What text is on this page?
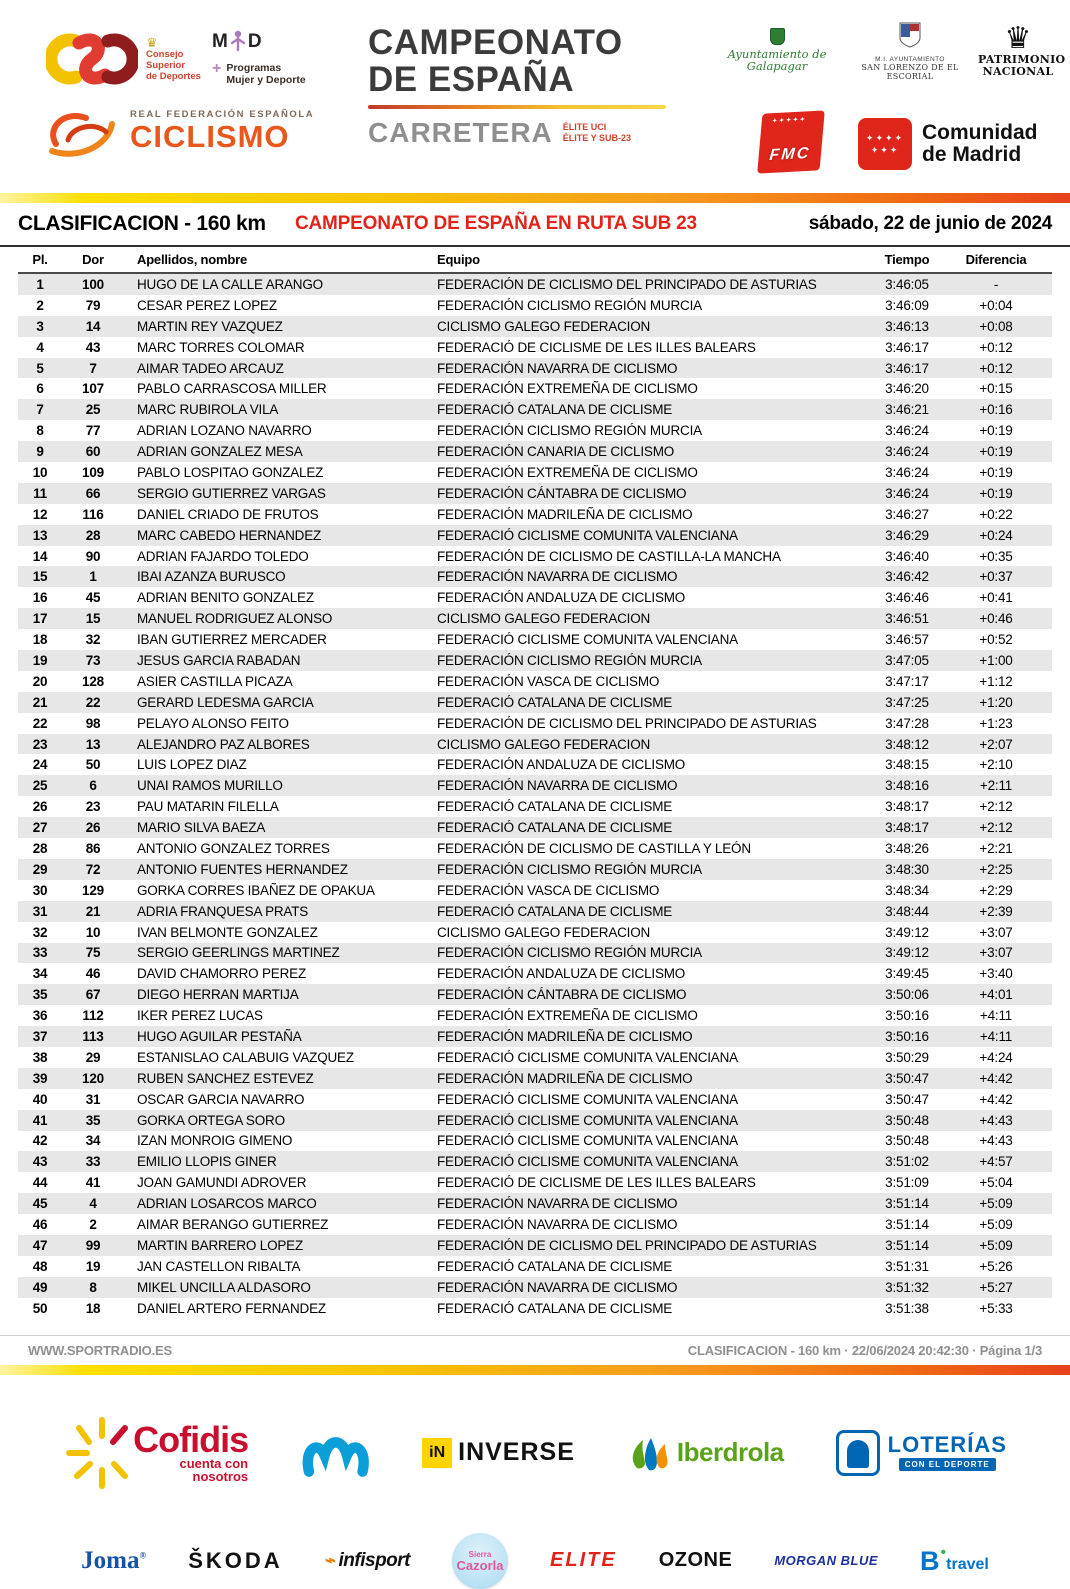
♛
Consejo
Superior
de Deportes
M D
+ Programas
Mujer y Deporte
REAL FEDERACIÓN ESPAÑOLA
CICLISMO
CAMPEONATO
DE ESPAÑA
CARRETERA ÉLITE UCI
ÉLITE Y SUB-23
Ayuntamiento de Galapagar	M.I. AYUNTAMIENTO
SAN LORENZO DE EL ESCORIAL
♛
PATRIMONIO
NACIONAL
✦✦✦✦✦
FMC
✦✦✦✦
✦✦✦
Comunidad
de Madrid
CLASIFICACION - 160 km CAMPEONATO DE ESPAÑA EN RUTA SUB 23	sábado, 22 de junio de 2024
Pl.	Dor	Apellidos, nombre	Equipo	Tiempo	Diferencia
1	100	HUGO DE LA CALLE ARANGO	FEDERACIÓN DE CICLISMO DEL PRINCIPADO DE ASTURIAS	3:46:05	-
2	79	CESAR PEREZ LOPEZ	FEDERACIÓN CICLISMO REGIÓN MURCIA	3:46:09	+0:04
3	14	MARTIN REY VAZQUEZ	CICLISMO GALEGO FEDERACION	3:46:13	+0:08
4	43	MARC TORRES COLOMAR	FEDERACIÓ DE CICLISME DE LES ILLES BALEARS	3:46:17	+0:12
5	7	AIMAR TADEO ARCAUZ	FEDERACIÓN NAVARRA DE CICLISMO	3:46:17	+0:12
6	107	PABLO CARRASCOSA MILLER	FEDERACIÓN EXTREMEÑA DE CICLISMO	3:46:20	+0:15
7	25	MARC RUBIROLA VILA	FEDERACIÓ CATALANA DE CICLISME	3:46:21	+0:16
8	77	ADRIAN LOZANO NAVARRO	FEDERACIÓN CICLISMO REGIÓN MURCIA	3:46:24	+0:19
9	60	ADRIAN GONZALEZ MESA	FEDERACIÓN CANARIA DE CICLISMO	3:46:24	+0:19
10	109	PABLO LOSPITAO GONZALEZ	FEDERACIÓN EXTREMEÑA DE CICLISMO	3:46:24	+0:19
11	66	SERGIO GUTIERREZ VARGAS	FEDERACIÓN CÁNTABRA DE CICLISMO	3:46:24	+0:19
12	116	DANIEL CRIADO DE FRUTOS	FEDERACIÓN MADRILEÑA DE CICLISMO	3:46:27	+0:22
13	28	MARC CABEDO HERNANDEZ	FEDERACIÓ CICLISME COMUNITA VALENCIANA	3:46:29	+0:24
14	90	ADRIAN FAJARDO TOLEDO	FEDERACIÓN DE CICLISMO DE CASTILLA-LA MANCHA	3:46:40	+0:35
15	1	IBAI AZANZA BURUSCO	FEDERACIÓN NAVARRA DE CICLISMO	3:46:42	+0:37
16	45	ADRIAN BENITO GONZALEZ	FEDERACIÓN ANDALUZA DE CICLISMO	3:46:46	+0:41
17	15	MANUEL RODRIGUEZ ALONSO	CICLISMO GALEGO FEDERACION	3:46:51	+0:46
18	32	IBAN GUTIERREZ MERCADER	FEDERACIÓ CICLISME COMUNITA VALENCIANA	3:46:57	+0:52
19	73	JESUS GARCIA RABADAN	FEDERACIÓN CICLISMO REGIÓN MURCIA	3:47:05	+1:00
20	128	ASIER CASTILLA PICAZA	FEDERACIÓN VASCA DE CICLISMO	3:47:17	+1:12
21	22	GERARD LEDESMA GARCIA	FEDERACIÓ CATALANA DE CICLISME	3:47:25	+1:20
22	98	PELAYO ALONSO FEITO	FEDERACIÓN DE CICLISMO DEL PRINCIPADO DE ASTURIAS	3:47:28	+1:23
23	13	ALEJANDRO PAZ ALBORES	CICLISMO GALEGO FEDERACION	3:48:12	+2:07
24	50	LUIS LOPEZ DIAZ	FEDERACIÓN ANDALUZA DE CICLISMO	3:48:15	+2:10
25	6	UNAI RAMOS MURILLO	FEDERACIÓN NAVARRA DE CICLISMO	3:48:16	+2:11
26	23	PAU MATARIN FILELLA	FEDERACIÓ CATALANA DE CICLISME	3:48:17	+2:12
27	26	MARIO SILVA BAEZA	FEDERACIÓ CATALANA DE CICLISME	3:48:17	+2:12
28	86	ANTONIO GONZALEZ TORRES	FEDERACIÓN DE CICLISMO DE CASTILLA Y LEÓN	3:48:26	+2:21
29	72	ANTONIO FUENTES HERNANDEZ	FEDERACIÓN CICLISMO REGIÓN MURCIA	3:48:30	+2:25
30	129	GORKA CORRES IBAÑEZ DE OPAKUA	FEDERACIÓN VASCA DE CICLISMO	3:48:34	+2:29
31	21	ADRIA FRANQUESA PRATS	FEDERACIÓ CATALANA DE CICLISME	3:48:44	+2:39
32	10	IVAN BELMONTE GONZALEZ	CICLISMO GALEGO FEDERACION	3:49:12	+3:07
33	75	SERGIO GEERLINGS MARTINEZ	FEDERACIÓN CICLISMO REGIÓN MURCIA	3:49:12	+3:07
34	46	DAVID CHAMORRO PEREZ	FEDERACIÓN ANDALUZA DE CICLISMO	3:49:45	+3:40
35	67	DIEGO HERRAN MARTIJA	FEDERACIÓN CÁNTABRA DE CICLISMO	3:50:06	+4:01
36	112	IKER PEREZ LUCAS	FEDERACIÓN EXTREMEÑA DE CICLISMO	3:50:16	+4:11
37	113	HUGO AGUILAR PESTAÑA	FEDERACIÓN MADRILEÑA DE CICLISMO	3:50:16	+4:11
38	29	ESTANISLAO CALABUIG VAZQUEZ	FEDERACIÓ CICLISME COMUNITA VALENCIANA	3:50:29	+4:24
39	120	RUBEN SANCHEZ ESTEVEZ	FEDERACIÓN MADRILEÑA DE CICLISMO	3:50:47	+4:42
40	31	OSCAR GARCIA NAVARRO	FEDERACIÓ CICLISME COMUNITA VALENCIANA	3:50:47	+4:42
41	35	GORKA ORTEGA SORO	FEDERACIÓ CICLISME COMUNITA VALENCIANA	3:50:48	+4:43
42	34	IZAN MONROIG GIMENO	FEDERACIÓ CICLISME COMUNITA VALENCIANA	3:50:48	+4:43
43	33	EMILIO LLOPIS GINER	FEDERACIÓ CICLISME COMUNITA VALENCIANA	3:51:02	+4:57
44	41	JOAN GAMUNDI ADROVER	FEDERACIÓ DE CICLISME DE LES ILLES BALEARS	3:51:09	+5:04
45	4	ADRIAN LOSARCOS MARCO	FEDERACIÓN NAVARRA DE CICLISMO	3:51:14	+5:09
46	2	AIMAR BERANGO GUTIERREZ	FEDERACIÓN NAVARRA DE CICLISMO	3:51:14	+5:09
47	99	MARTIN BARRERO LOPEZ	FEDERACIÓN DE CICLISMO DEL PRINCIPADO DE ASTURIAS	3:51:14	+5:09
48	19	JAN CASTELLON RIBALTA	FEDERACIÓ CATALANA DE CICLISME	3:51:31	+5:26
49	8	MIKEL UNCILLA ALDASORO	FEDERACIÓN NAVARRA DE CICLISMO	3:51:32	+5:27
50	18	DANIEL ARTERO FERNANDEZ	FEDERACIÓ CATALANA DE CICLISME	3:51:38	+5:33
WWW.SPORTRADIO.ES	CLASIFICACION - 160 km · 22/06/2024 20:42:30 · Página 1/3
Cofidis
cuenta con
nosotros
iN INVERSE	Iberdrola	LOTERÍAS
CON EL DEPORTE
Joma® ŠKODA ⌁ infisport	Sierra
Cazorla ELITE OZONE	MORGAN BLUE B •
travel
